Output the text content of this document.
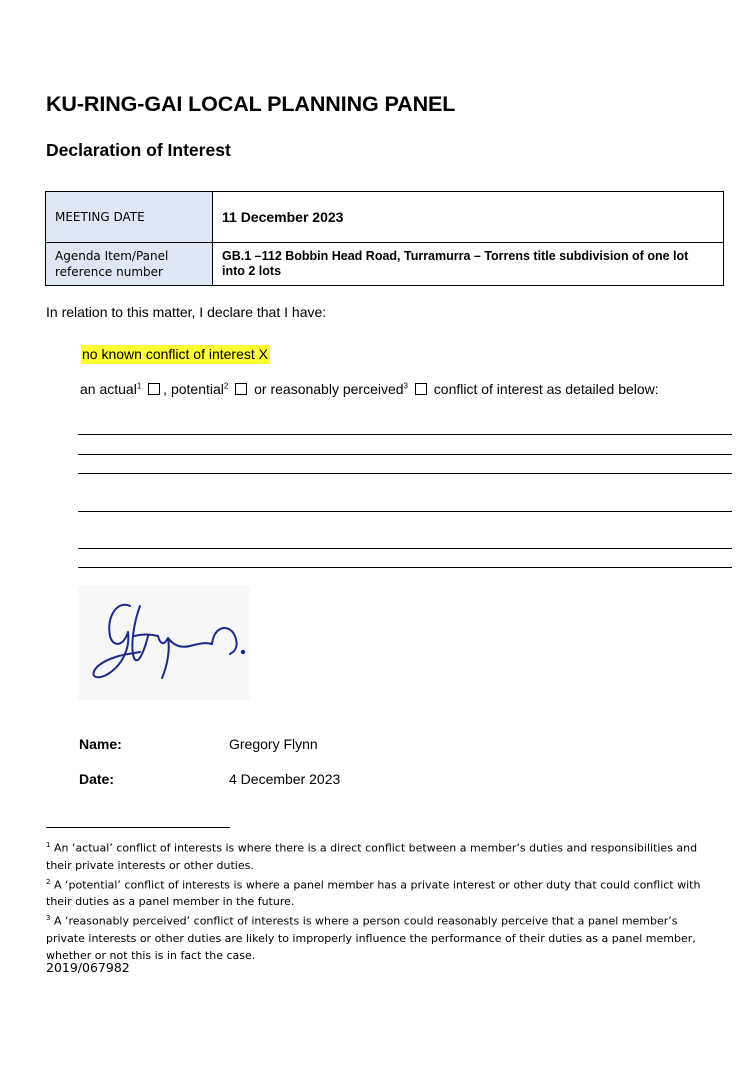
KU-RING-GAI LOCAL PLANNING PANEL
Declaration of Interest
MEETING DATE	11 December 2023
Agenda Item/Panel reference number	GB.1 –112 Bobbin Head Road, Turramurra – Torrens title subdivision of one lot into 2 lots
In relation to this matter, I declare that I have:
no known conflict of interest X
an actual$^1$ , potential$^2$  or reasonably perceived$^3$  conflict of interest as detailed below:
Name:	Gregory Flynn
Date:	4 December 2023

$^1$ An ‘actual’ conflict of interests is where there is a direct conflict between a member’s duties and responsibilities and their private interests or other duties.

$^2$ A ‘potential’ conflict of interests is where a panel member has a private interest or other duty that could conflict with their duties as a panel member in the future.

$^3$ A ‘reasonably perceived’ conflict of interests is where a person could reasonably perceive that a panel member’s private interests or other duties are likely to improperly influence the performance of their duties as a panel member, whether or not this is in fact the case.

2019/067982
